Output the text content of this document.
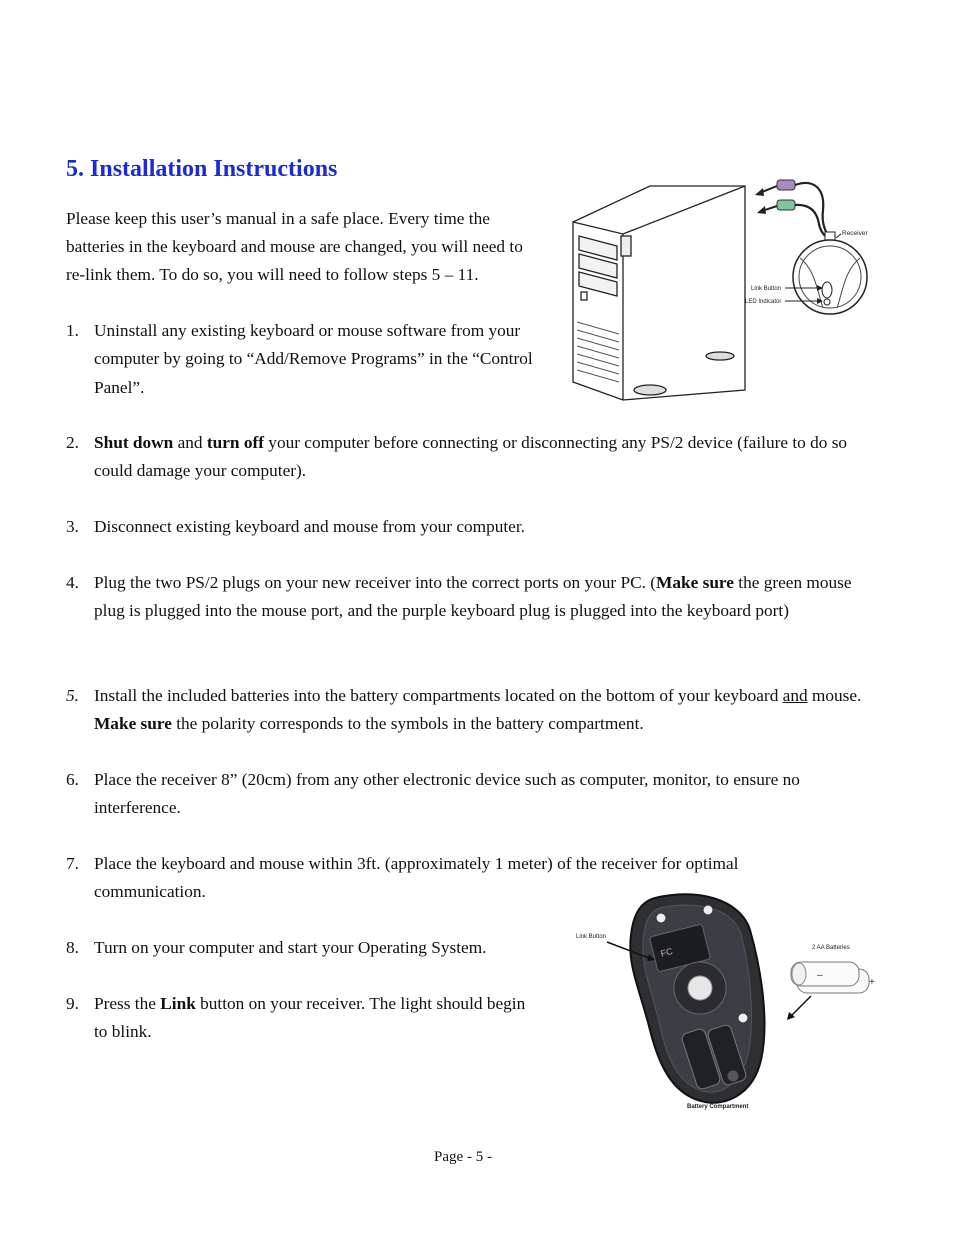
5. Installation Instructions

Please keep this user’s manual in a safe place. Every time the batteries in the keyboard and mouse are changed, you will need to re-link them. To do so, you will need to follow steps 5 – 11.

1. Uninstall any existing keyboard or mouse software from your computer by going to “Add/Remove Programs” in the “Control Panel”.
2. Shut down and turn off your computer before connecting or disconnecting any PS/2 device (failure to do so could damage your computer).
3. Disconnect existing keyboard and mouse from your computer.
4. Plug the two PS/2 plugs on your new receiver into the correct ports on your PC. (Make sure the green mouse plug is plugged into the mouse port, and the purple keyboard plug is plugged into the keyboard port)
5. Install the included batteries into the battery compartments located on the bottom of your keyboard and mouse. Make sure the polarity corresponds to the symbols in the battery compartment.
6. Place the receiver 8” (20cm) from any other electronic device such as computer, monitor, to ensure no interference.
7. Place the keyboard and mouse within 3ft. (approximately 1 meter) of the receiver for optimal communication.
8. Turn on your computer and start your Operating System.
9. Press the Link button on your receiver. The light should begin to blink.
Receiver
Link Button
LED Indicator
FC
Link Button
2 AA Batteries
–
+
Battery Compartment
Page - 5 -
